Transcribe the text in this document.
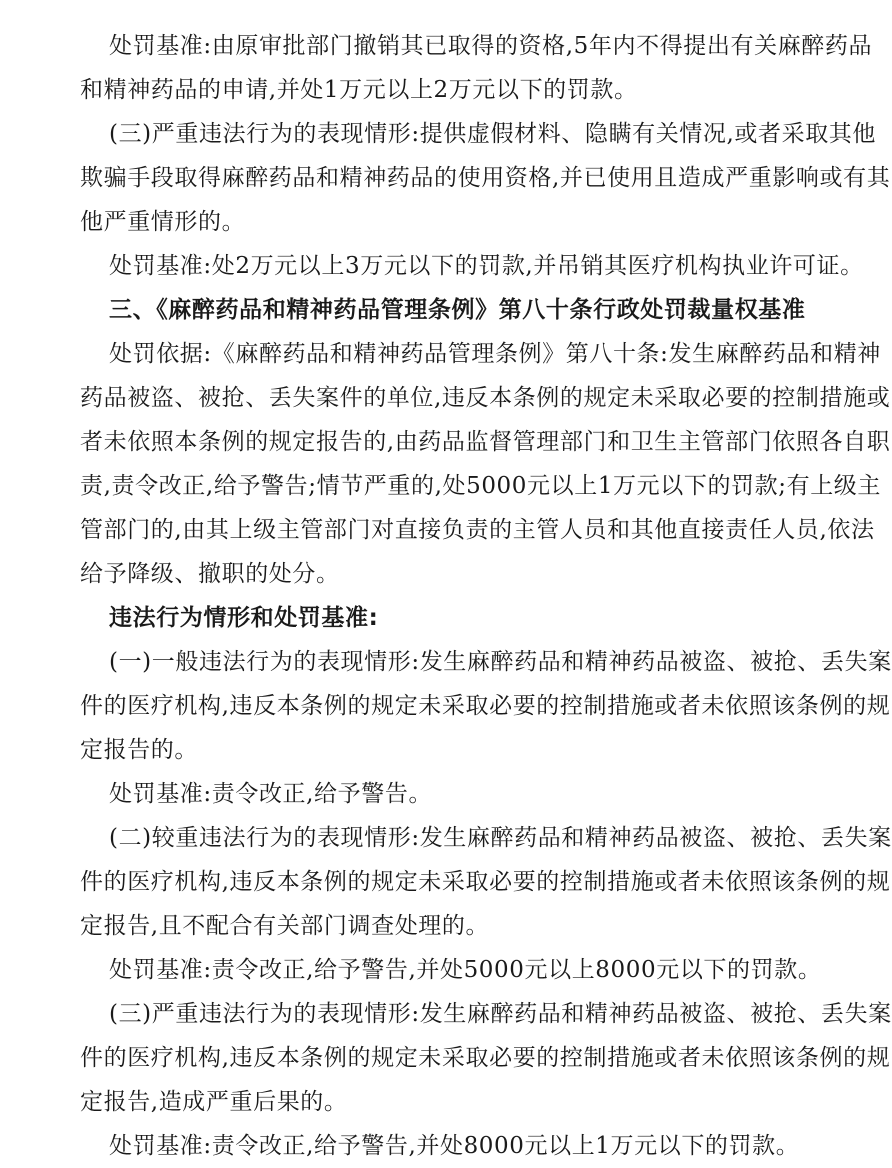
处罚基准:由原审批部门撤销其已取得的资格,5年内不得提出有关麻醉药品
和精神药品的申请,并处1万元以上2万元以下的罚款。
(三)严重违法行为的表现情形:提供虚假材料、隐瞒有关情况,或者采取其他
欺骗手段取得麻醉药品和精神药品的使用资格,并已使用且造成严重影响或有其
他严重情形的。
处罚基准:处2万元以上3万元以下的罚款,并吊销其医疗机构执业许可证。
三、《麻醉药品和精神药品管理条例》第八十条行政处罚裁量权基准
处罚依据:《麻醉药品和精神药品管理条例》第八十条:发生麻醉药品和精神
药品被盗、被抢、丢失案件的单位,违反本条例的规定未采取必要的控制措施或
者未依照本条例的规定报告的,由药品监督管理部门和卫生主管部门依照各自职
责,责令改正,给予警告;情节严重的,处5000元以上1万元以下的罚款;有上级主
管部门的,由其上级主管部门对直接负责的主管人员和其他直接责任人员,依法
给予降级、撤职的处分。
违法行为情形和处罚基准:
(一)一般违法行为的表现情形:发生麻醉药品和精神药品被盗、被抢、丢失案
件的医疗机构,违反本条例的规定未采取必要的控制措施或者未依照该条例的规
定报告的。
处罚基准:责令改正,给予警告。
(二)较重违法行为的表现情形:发生麻醉药品和精神药品被盗、被抢、丢失案
件的医疗机构,违反本条例的规定未采取必要的控制措施或者未依照该条例的规
定报告,且不配合有关部门调查处理的。
处罚基准:责令改正,给予警告,并处5000元以上8000元以下的罚款。
(三)严重违法行为的表现情形:发生麻醉药品和精神药品被盗、被抢、丢失案
件的医疗机构,违反本条例的规定未采取必要的控制措施或者未依照该条例的规
定报告,造成严重后果的。
处罚基准:责令改正,给予警告,并处8000元以上1万元以下的罚款。
